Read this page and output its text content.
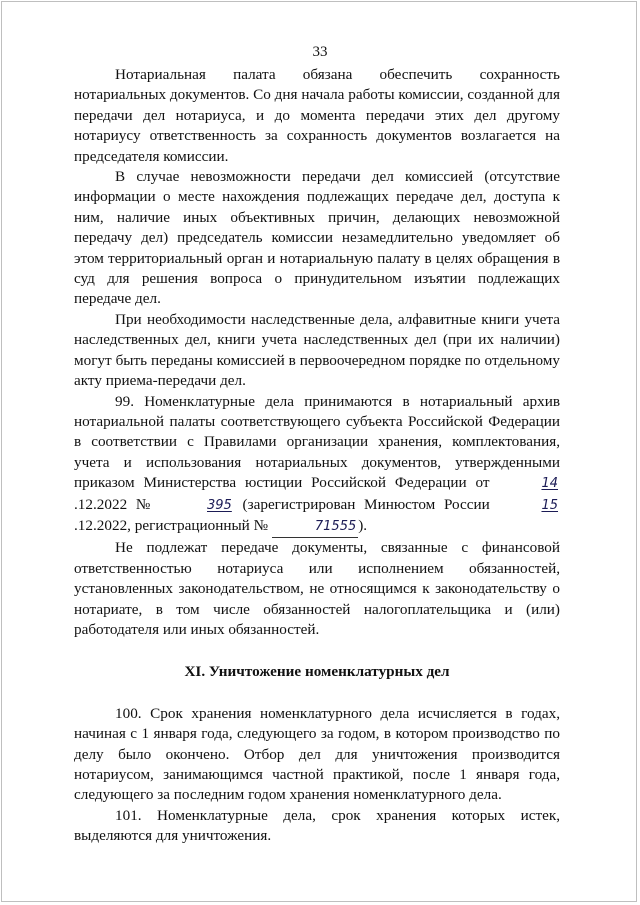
33

Нотариальная палата обязана обеспечить сохранность нотариальных документов. Со дня начала работы комиссии, созданной для передачи дел нотариуса, и до момента передачи этих дел другому нотариусу ответственность за сохранность документов возлагается на председателя комиссии.

В случае невозможности передачи дел комиссией (отсутствие информации о месте нахождения подлежащих передаче дел, доступа к ним, наличие иных объективных причин, делающих невозможной передачу дел) председатель комиссии незамедлительно уведомляет об этом территориальный орган и нотариальную палату в целях обращения в суд для решения вопроса о принудительном изъятии подлежащих передаче дел.

При необходимости наследственные дела, алфавитные книги учета наследственных дел, книги учета наследственных дел (при их наличии) могут быть переданы комиссией в первоочередном порядке по отдельному акту приема-передачи дел.

99. Номенклатурные дела принимаются в нотариальный архив нотариальной палаты соответствующего субъекта Российской Федерации в соответствии с Правилами организации хранения, комплектования, учета и использования нотариальных документов, утвержденными приказом Министерства юстиции Российской Федерации от	14.12.2022 №	395 (зарегистрирован Минюстом России	15.12.2022, регистрационный №	71555 ).

Не подлежат передаче документы, связанные с финансовой ответственностью нотариуса или исполнением обязанностей, установленных законодательством, не относящимся к законодательству о нотариате, в том числе обязанностей налогоплательщика и (или) работодателя или иных обязанностей.

XI. Уничтожение номенклатурных дел

100. Срок хранения номенклатурного дела исчисляется в годах, начиная с 1 января года, следующего за годом, в котором производство по делу было окончено. Отбор дел для уничтожения производится нотариусом, занимающимся частной практикой, после 1 января года, следующего за последним годом хранения номенклатурного дела.

101. Номенклатурные дела, срок хранения которых истек, выделяются для уничтожения.
